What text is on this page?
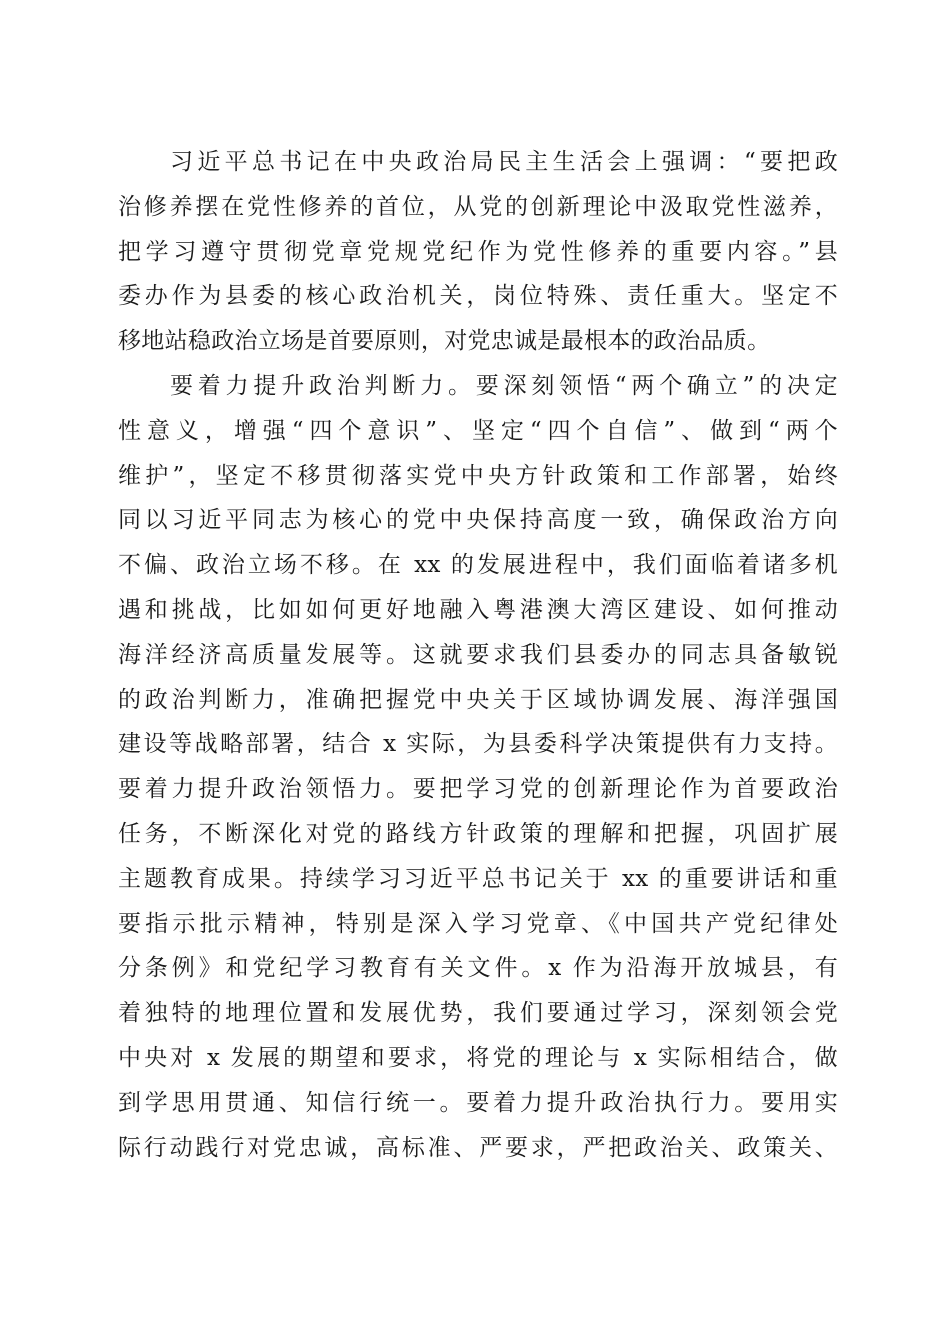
习近平总书记在中央政治局民主生活会上强调：“要把政
治修养摆在党性修养的首位，从党的创新理论中汲取党性滋养，
把学习遵守贯彻党章党规党纪作为党性修养的重要内容。”县
委办作为县委的核心政治机关，岗位特殊、责任重大。坚定不
移地站稳政治立场是首要原则，对党忠诚是最根本的政治品质。
要着力提升政治判断力。要深刻领悟“两个确立”的决定
性意义，增强“四个意识”、坚定“四个自信”、做到“两个
维护”，坚定不移贯彻落实党中央方针政策和工作部署，始终
同以习近平同志为核心的党中央保持高度一致，确保政治方向
不偏、政治立场不移。在 xx 的发展进程中，我们面临着诸多机
遇和挑战，比如如何更好地融入粤港澳大湾区建设、如何推动
海洋经济高质量发展等。这就要求我们县委办的同志具备敏锐
的政治判断力，准确把握党中央关于区域协调发展、海洋强国
建设等战略部署，结合 x 实际，为县委科学决策提供有力支持。
要着力提升政治领悟力。要把学习党的创新理论作为首要政治
任务，不断深化对党的路线方针政策的理解和把握，巩固扩展
主题教育成果。持续学习习近平总书记关于 xx 的重要讲话和重
要指示批示精神，特别是深入学习党章、《中国共产党纪律处
分条例》和党纪学习教育有关文件。x 作为沿海开放城县，有
着独特的地理位置和发展优势，我们要通过学习，深刻领会党
中央对 x 发展的期望和要求，将党的理论与 x 实际相结合，做
到学思用贯通、知信行统一。要着力提升政治执行力。要用实
际行动践行对党忠诚，高标准、严要求，严把政治关、政策关、
